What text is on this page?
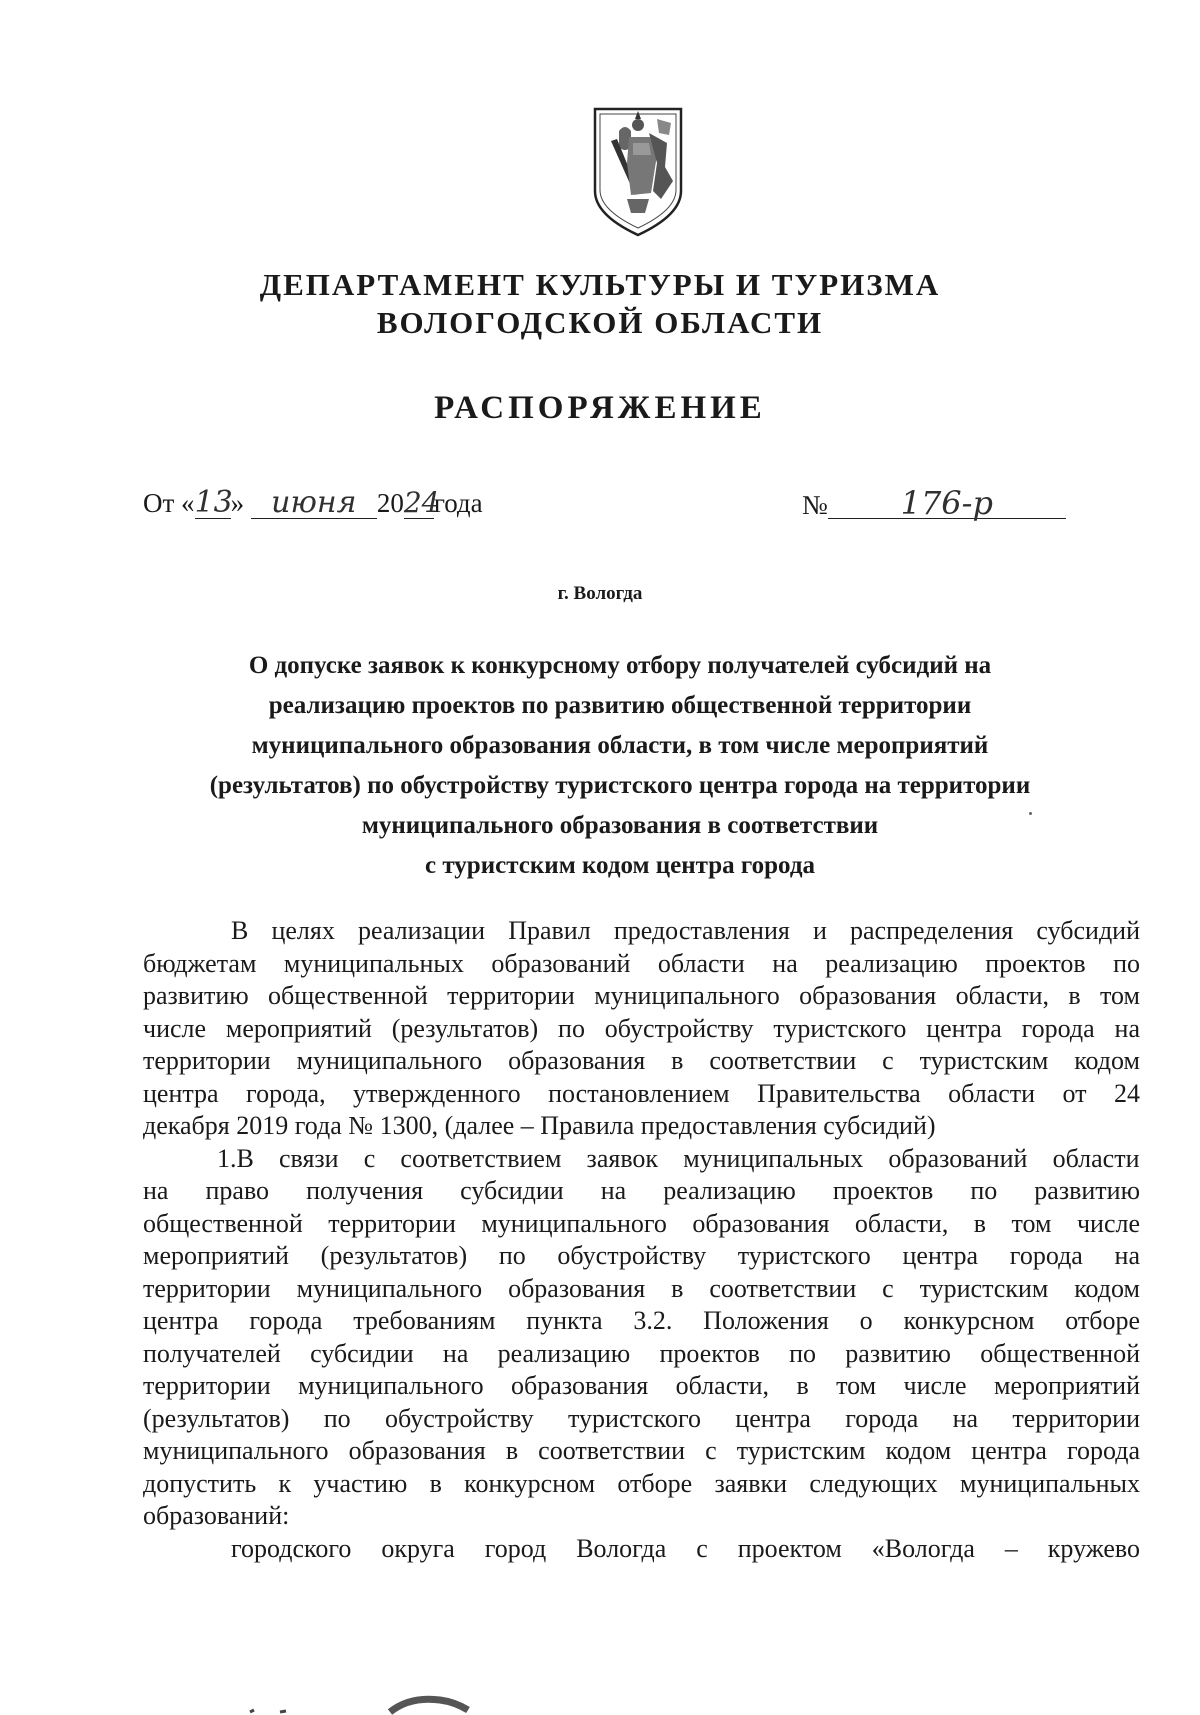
ДЕПАРТАМЕНТ КУЛЬТУРЫ И ТУРИЗМА
ВОЛОГОДСКОЙ ОБЛАСТИ
РАСПОРЯЖЕНИЕ
От «13» июня 2024года	№ 176-р
г. Вологда
О допуске заявок к конкурсному отбору получателей субсидий на
реализацию проектов по развитию общественной территории
муниципального образования области, в том числе мероприятий
(результатов) по обустройству туристского центра города на территории
муниципального образования в соответствии
с туристским кодом центра города
В целях реализации Правил предоставления и распределения субсидий
бюджетам муниципальных образований области на реализацию проектов по
развитию общественной территории муниципального образования области, в том
числе мероприятий (результатов) по обустройству туристского центра города на
территории муниципального образования в соответствии с туристским кодом
центра города, утвержденного постановлением Правительства области от 24
декабря 2019 года № 1300, (далее – Правила предоставления субсидий)
1.В связи с соответствием заявок муниципальных образований области
на право получения субсидии на реализацию проектов по развитию
общественной территории муниципального образования области, в том числе
мероприятий (результатов) по обустройству туристского центра города на
территории муниципального образования в соответствии с туристским кодом
центра города требованиям пункта 3.2. Положения о конкурсном отборе
получателей субсидии на реализацию проектов по развитию общественной
территории муниципального образования области, в том числе мероприятий
(результатов) по обустройству туристского центра города на территории
муниципального образования в соответствии с туристским кодом центра города
допустить к участию в конкурсном отборе заявки следующих муниципальных
образований:
городского округа город Вологда с проектом «Вологда – кружево
